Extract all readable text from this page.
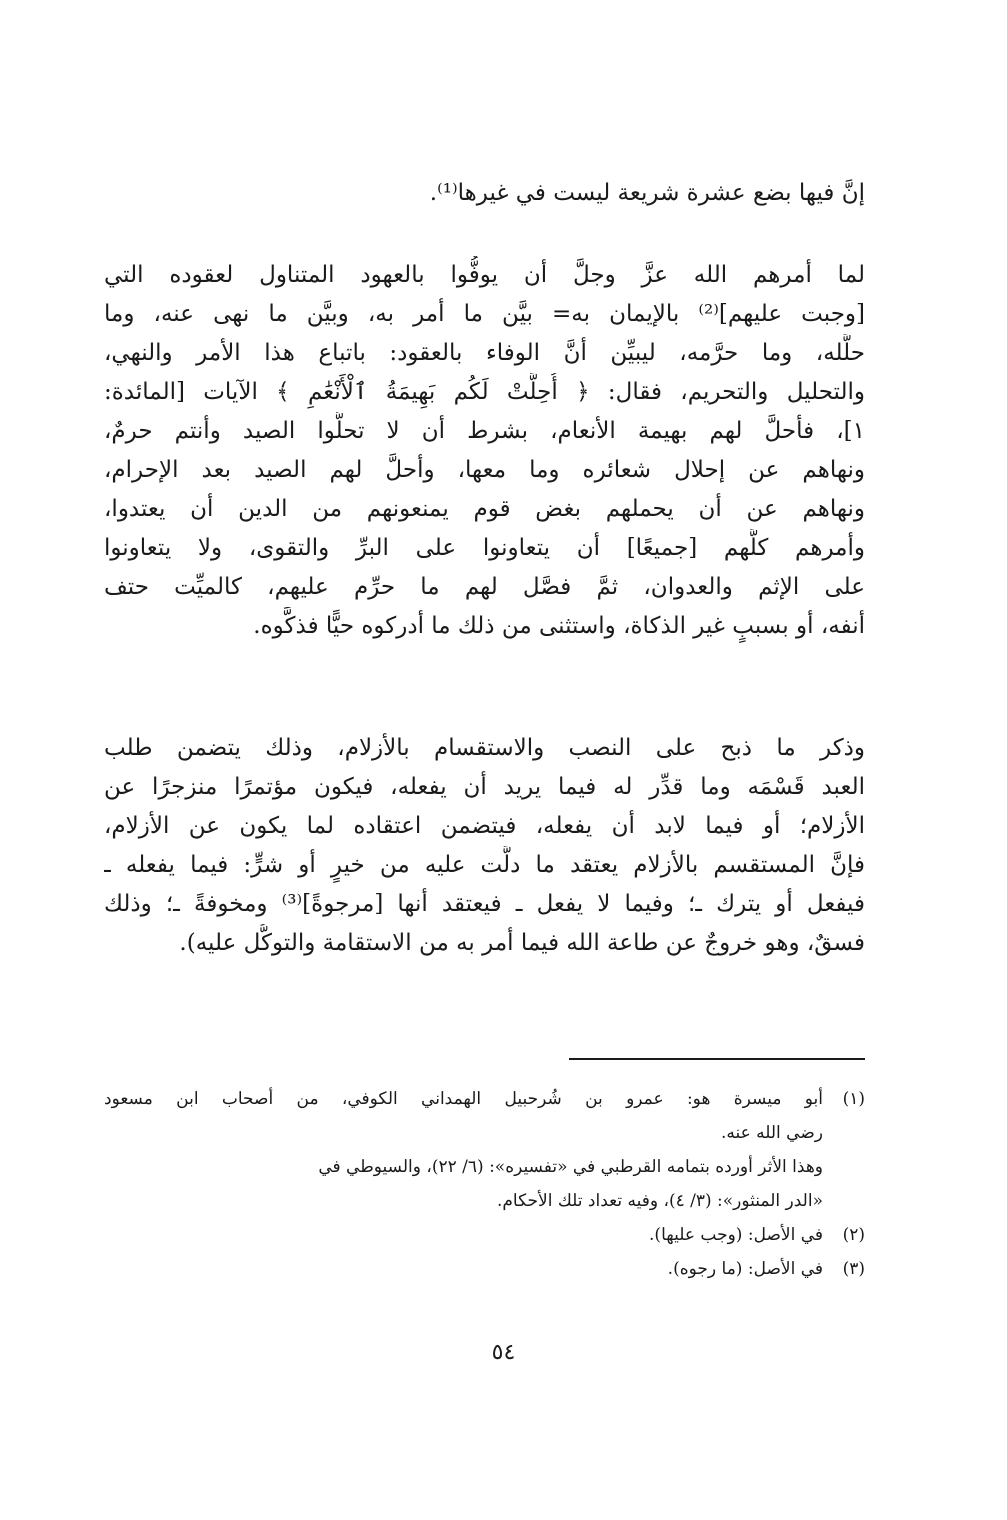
إنَّ فيها بضع عشرة شريعة ليست في غيرها⁽¹⁾.
لما أمرهم الله عزَّ وجلَّ أن يوفُّوا بالعهود المتناول لعقوده التي
[وجبت عليهم]⁽²⁾ بالإيمان به= بيَّن ما أمر به، وبيَّن ما نهى عنه، وما
حلَّله، وما حرَّمه، ليبيِّن أنَّ الوفاء بالعقود: باتباع هذا الأمر والنهي،
والتحليل والتحريم، فقال: ﴿ أُحِلَّتْ لَكُم بَهِيمَةُ ٱلْأَنْعَٰمِ ﴾ الآيات [المائدة:
١]، فأحلَّ لهم بهيمة الأنعام، بشرط أن لا تحلُّوا الصيد وأنتم حرمٌ،
ونهاهم عن إحلال شعائره وما معها، وأحلَّ لهم الصيد بعد الإحرام،
ونهاهم عن أن يحملهم بغض قوم يمنعونهم من الدين أن يعتدوا،
وأمرهم كلَّهم [جميعًا] أن يتعاونوا على البرِّ والتقوى، ولا يتعاونوا
على الإثم والعدوان، ثمَّ فصَّل لهم ما حرِّم عليهم، كالميِّت حتف
أنفه، أو بسببٍ غير الذكاة، واستثنى من ذلك ما أدركوه حيًّا فذكَّوه.
وذكر ما ذبح على النصب والاستقسام بالأزلام، وذلك يتضمن طلب
العبد قَسْمَه وما قدِّر له فيما يريد أن يفعله، فيكون مؤتمرًا منزجرًا عن
الأزلام؛ أو فيما لابد أن يفعله، فيتضمن اعتقاده لما يكون عن الأزلام،
فإنَّ المستقسم بالأزلام يعتقد ما دلَّت عليه من خيرٍ أو شرٍّ: فيما يفعله ـ
فيفعل أو يترك ـ؛ وفيما لا يفعل ـ فيعتقد أنها [مرجوةً]⁽³⁾ ومخوفةً ـ؛ وذلك
فسقٌ، وهو خروجٌ عن طاعة الله فيما أمر به من الاستقامة والتوكُّل عليه).
(١)أبو ميسرة هو: عمرو بن شُرحبيل الهمداني الكوفي، من أصحاب ابن مسعود
رضي الله عنه.
وهذا الأثر أورده بتمامه القرطبي في «تفسيره»: (٦/ ٢٢)، والسيوطي في
«الدر المنثور»: (٣/ ٤)، وفيه تعداد تلك الأحكام.
(٢)في الأصل: (وجب عليها).
(٣)في الأصل: (ما رجوه).
٥٤
